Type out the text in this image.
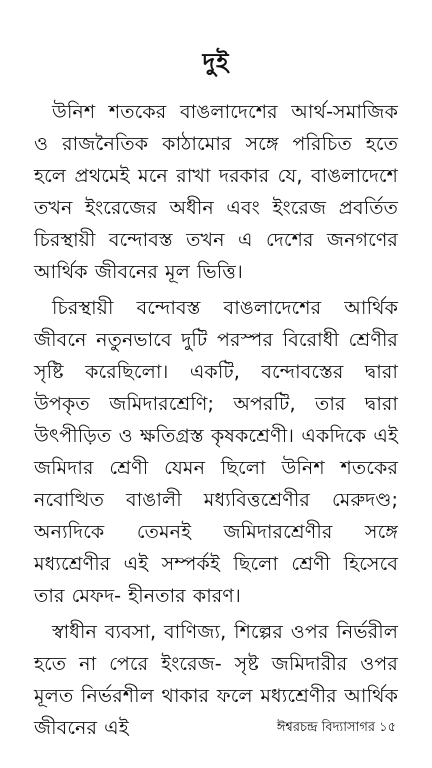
দুই

উনিশ শতকের বাঙলাদেশের আর্থ-সমাজিক ও রাজনৈতিক কাঠামোর সঙ্গে পরিচিত হতে হলে প্রথমেই মনে রাখা দরকার যে, বাঙলাদেশে তখন ইংরেজের অধীন এবং ইংরেজ প্রবর্তিত চিরস্থায়ী বন্দোবস্ত তখন এ দেশের জনগণের আর্থিক জীবনের মূল ভিত্তি।

চিরস্থায়ী বন্দোবস্ত বাঙলাদেশের আর্থিক জীবনে নতুনভাবে দুটি পরস্পর বিরোধী শ্রেণীর সৃষ্টি করেছিলো। একটি, বন্দোবস্তের দ্বারা উপকৃত জমিদারশ্রেণি; অপরটি, তার দ্বারা উৎপীড়িত ও ক্ষতিগ্রস্ত কৃষকশ্রেণী। একদিকে এই জমিদার শ্রেণী যেমন ছিলো উনিশ শতকের নবোত্থিত বাঙালী মধ্যবিত্তশ্রেণীর মেরুদণ্ড; অন্যদিকে তেমনই জমিদারশ্রেণীর সঙ্গে মধ্যশ্রেণীর এই সম্পর্কই ছিলো শ্রেণী হিসেবে তার মেফদ- হীনতার কারণ।

স্বাধীন ব্যবসা, বাণিজ্য, শিল্পের ওপর নির্ভরীল হতে না পেরে ইংরেজ- সৃষ্ট জমিদারীর ওপর মূলত নির্ভরশীল থাকার ফলে মধ্যশ্রেণীর আর্থিক জীবনের এই	ঈশ্বরচন্দ্র বিদ্যাসাগর ১৫
